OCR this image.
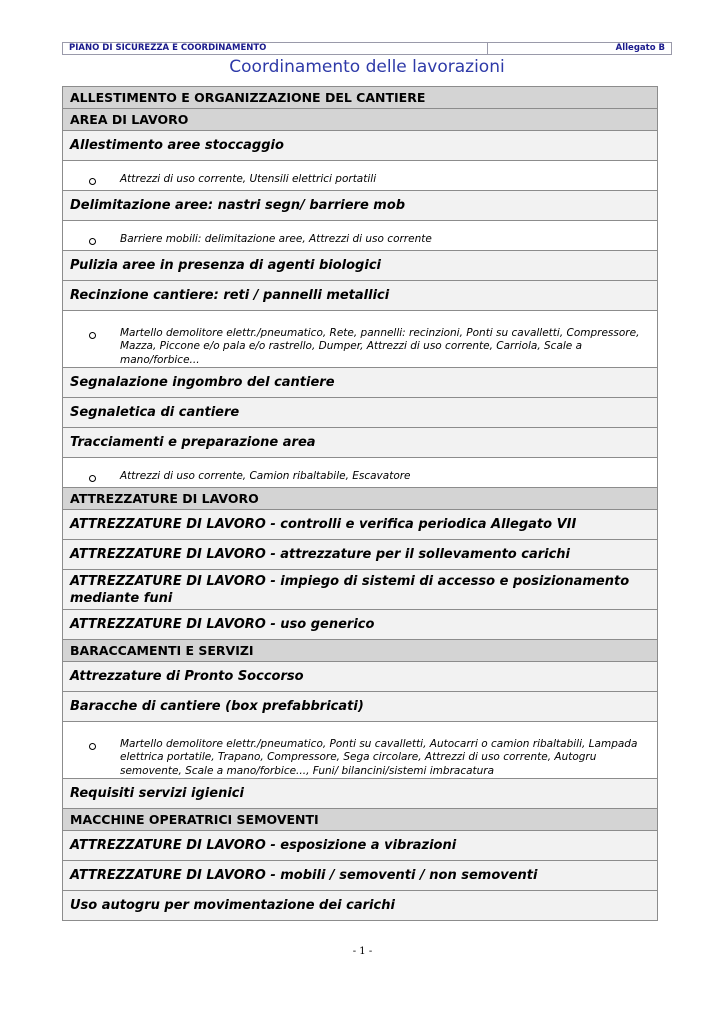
PIANO DI SICUREZZA E COORDINAMENTO	Allegato B
Coordinamento delle lavorazioni
ALLESTIMENTO E ORGANIZZAZIONE DEL CANTIERE
AREA DI LAVORO
Allestimento aree stoccaggio

Attrezzi di uso corrente, Utensili elettrici portatili

Delimitazione aree: nastri segn/ barriere mob

Barriere mobili: delimitazione aree, Attrezzi di uso corrente

Pulizia aree in presenza di agenti biologici
Recinzione cantiere: reti / pannelli metallici

Martello demolitore elettr./pneumatico, Rete, pannelli: recinzioni, Ponti su cavalletti, Compressore, Mazza, Piccone e/o pala e/o rastrello, Dumper, Attrezzi di uso corrente, Carriola, Scale a mano/forbice...

Segnalazione ingombro del cantiere
Segnaletica di cantiere
Tracciamenti e preparazione area

Attrezzi di uso corrente, Camion ribaltabile, Escavatore

ATTREZZATURE DI LAVORO
ATTREZZATURE DI LAVORO - controlli e verifica periodica Allegato VII
ATTREZZATURE DI LAVORO - attrezzature per il sollevamento carichi
ATTREZZATURE DI LAVORO - impiego di sistemi di accesso e posizionamento mediante funi
ATTREZZATURE DI LAVORO - uso generico
BARACCAMENTI E SERVIZI
Attrezzature di Pronto Soccorso
Baracche di cantiere (box prefabbricati)

Martello demolitore elettr./pneumatico, Ponti su cavalletti, Autocarri o camion ribaltabili, Lampada elettrica portatile, Trapano, Compressore, Sega circolare, Attrezzi di uso corrente, Autogru semovente, Scale a mano/forbice..., Funi/ bilancini/sistemi imbracatura

Requisiti servizi igienici
MACCHINE OPERATRICI SEMOVENTI
ATTREZZATURE DI LAVORO - esposizione a vibrazioni
ATTREZZATURE DI LAVORO - mobili / semoventi / non semoventi
Uso autogru per movimentazione dei carichi
- 1 -
